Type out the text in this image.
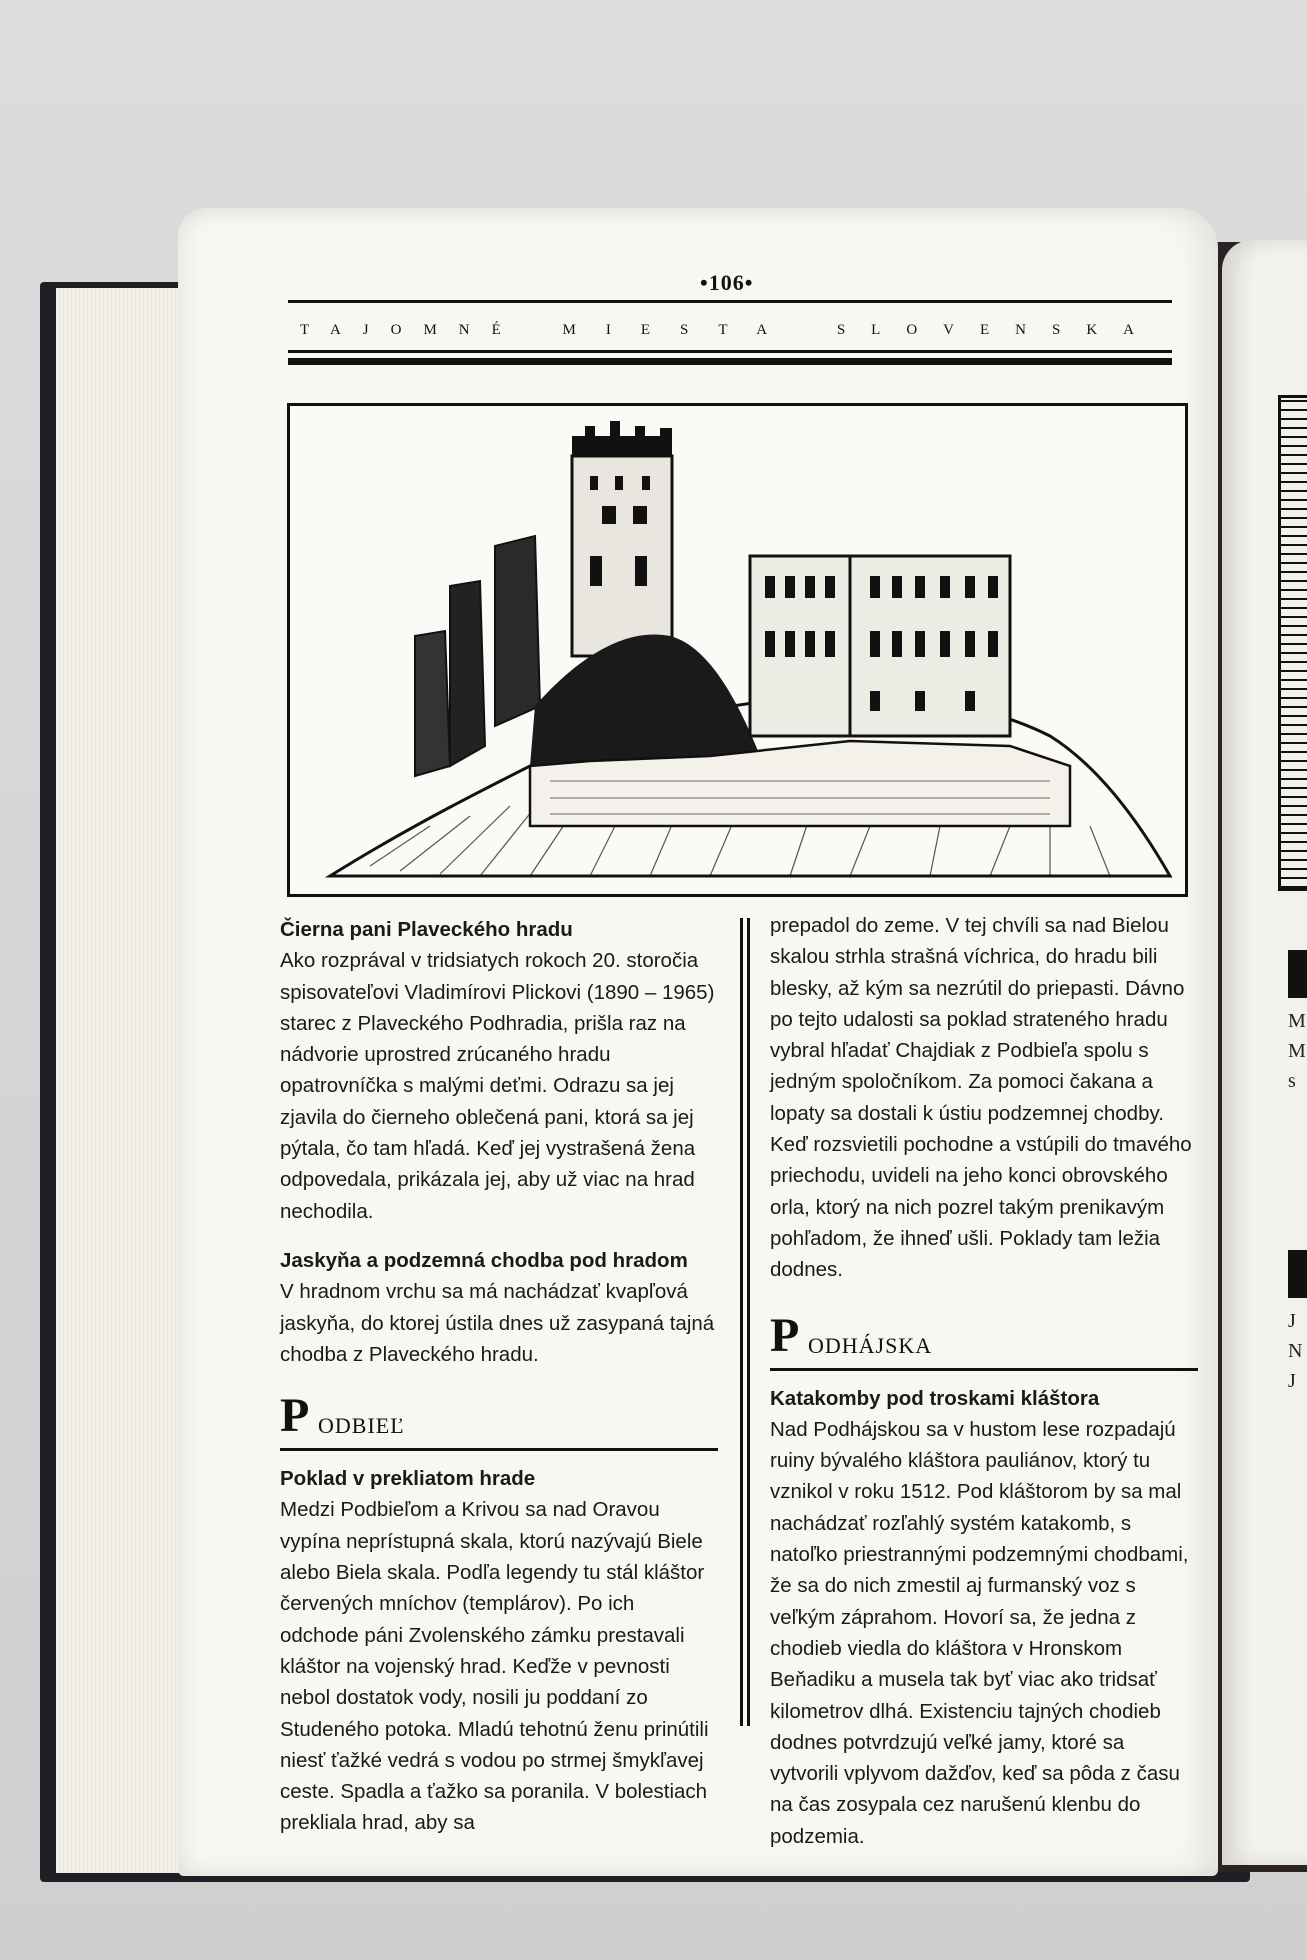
M
M
s
J
N
J
•106•
TAJOMNÉ	MIESTA	SLOVENSKA
Čierna pani Plaveckého hradu
Ako rozprával v tridsiatych rokoch 20. storočia spisovateľovi Vladimírovi Plickovi (1890 – 1965) starec z Plaveckého Podhradia, prišla raz na nádvorie uprostred zrúcaného hradu opatrovníčka s malými deťmi. Odrazu sa jej zjavila do čierneho oblečená pani, ktorá sa jej pýtala, čo tam hľadá. Keď jej vystrašená žena odpovedala, prikázala jej, aby už viac na hrad nechodila.
Jaskyňa a podzemná chodba pod hradom
V hradnom vrchu sa má nachádzať kvapľová jaskyňa, do ktorej ústila dnes už zasypaná tajná chodba z Plaveckého hradu.
P ODBIEĽ
Poklad v prekliatom hrade
Medzi Podbieľom a Krivou sa nad Oravou vypína neprístupná skala, ktorú nazývajú Biele alebo Biela skala. Podľa legendy tu stál kláštor červených mníchov (templárov). Po ich odchode páni Zvolenského zámku prestavali kláštor na vojenský hrad. Keďže v pevnosti nebol dostatok vody, nosili ju poddaní zo Studeného potoka. Mladú tehotnú ženu prinútili niesť ťažké vedrá s vodou po strmej šmykľavej ceste. Spadla a ťažko sa poranila. V bolestiach prekliala hrad, aby sa
prepadol do zeme. V tej chvíli sa nad Bielou skalou strhla strašná víchrica, do hradu bili blesky, až kým sa nezrútil do priepasti. Dávno po tejto udalosti sa poklad strateného hradu vybral hľadať Chajdiak z Podbieľa spolu s jedným spoločníkom. Za pomoci čakana a lopaty sa dostali k ústiu podzemnej chodby. Keď rozsvietili pochodne a vstúpili do tmavého priechodu, uvideli na jeho konci obrovského orla, ktorý na nich pozrel takým prenikavým pohľadom, že ihneď ušli. Poklady tam ležia dodnes.
P ODHÁJSKA
Katakomby pod troskami kláštora
Nad Podhájskou sa v hustom lese rozpadajú ruiny bývalého kláštora pauliánov, ktorý tu vznikol v roku 1512. Pod kláštorom by sa mal nachádzať rozľahlý systém katakomb, s natoľko priestrannými podzemnými chodbami, že sa do nich zmestil aj furmanský voz s veľkým záprahom. Hovorí sa, že jedna z chodieb viedla do kláštora v Hronskom Beňadiku a musela tak byť viac ako tridsať kilometrov dlhá. Existenciu tajných chodieb dodnes potvrdzujú veľké jamy, ktoré sa vytvorili vplyvom dažďov, keď sa pôda z času na čas zosypala cez narušenú klenbu do podzemia.
